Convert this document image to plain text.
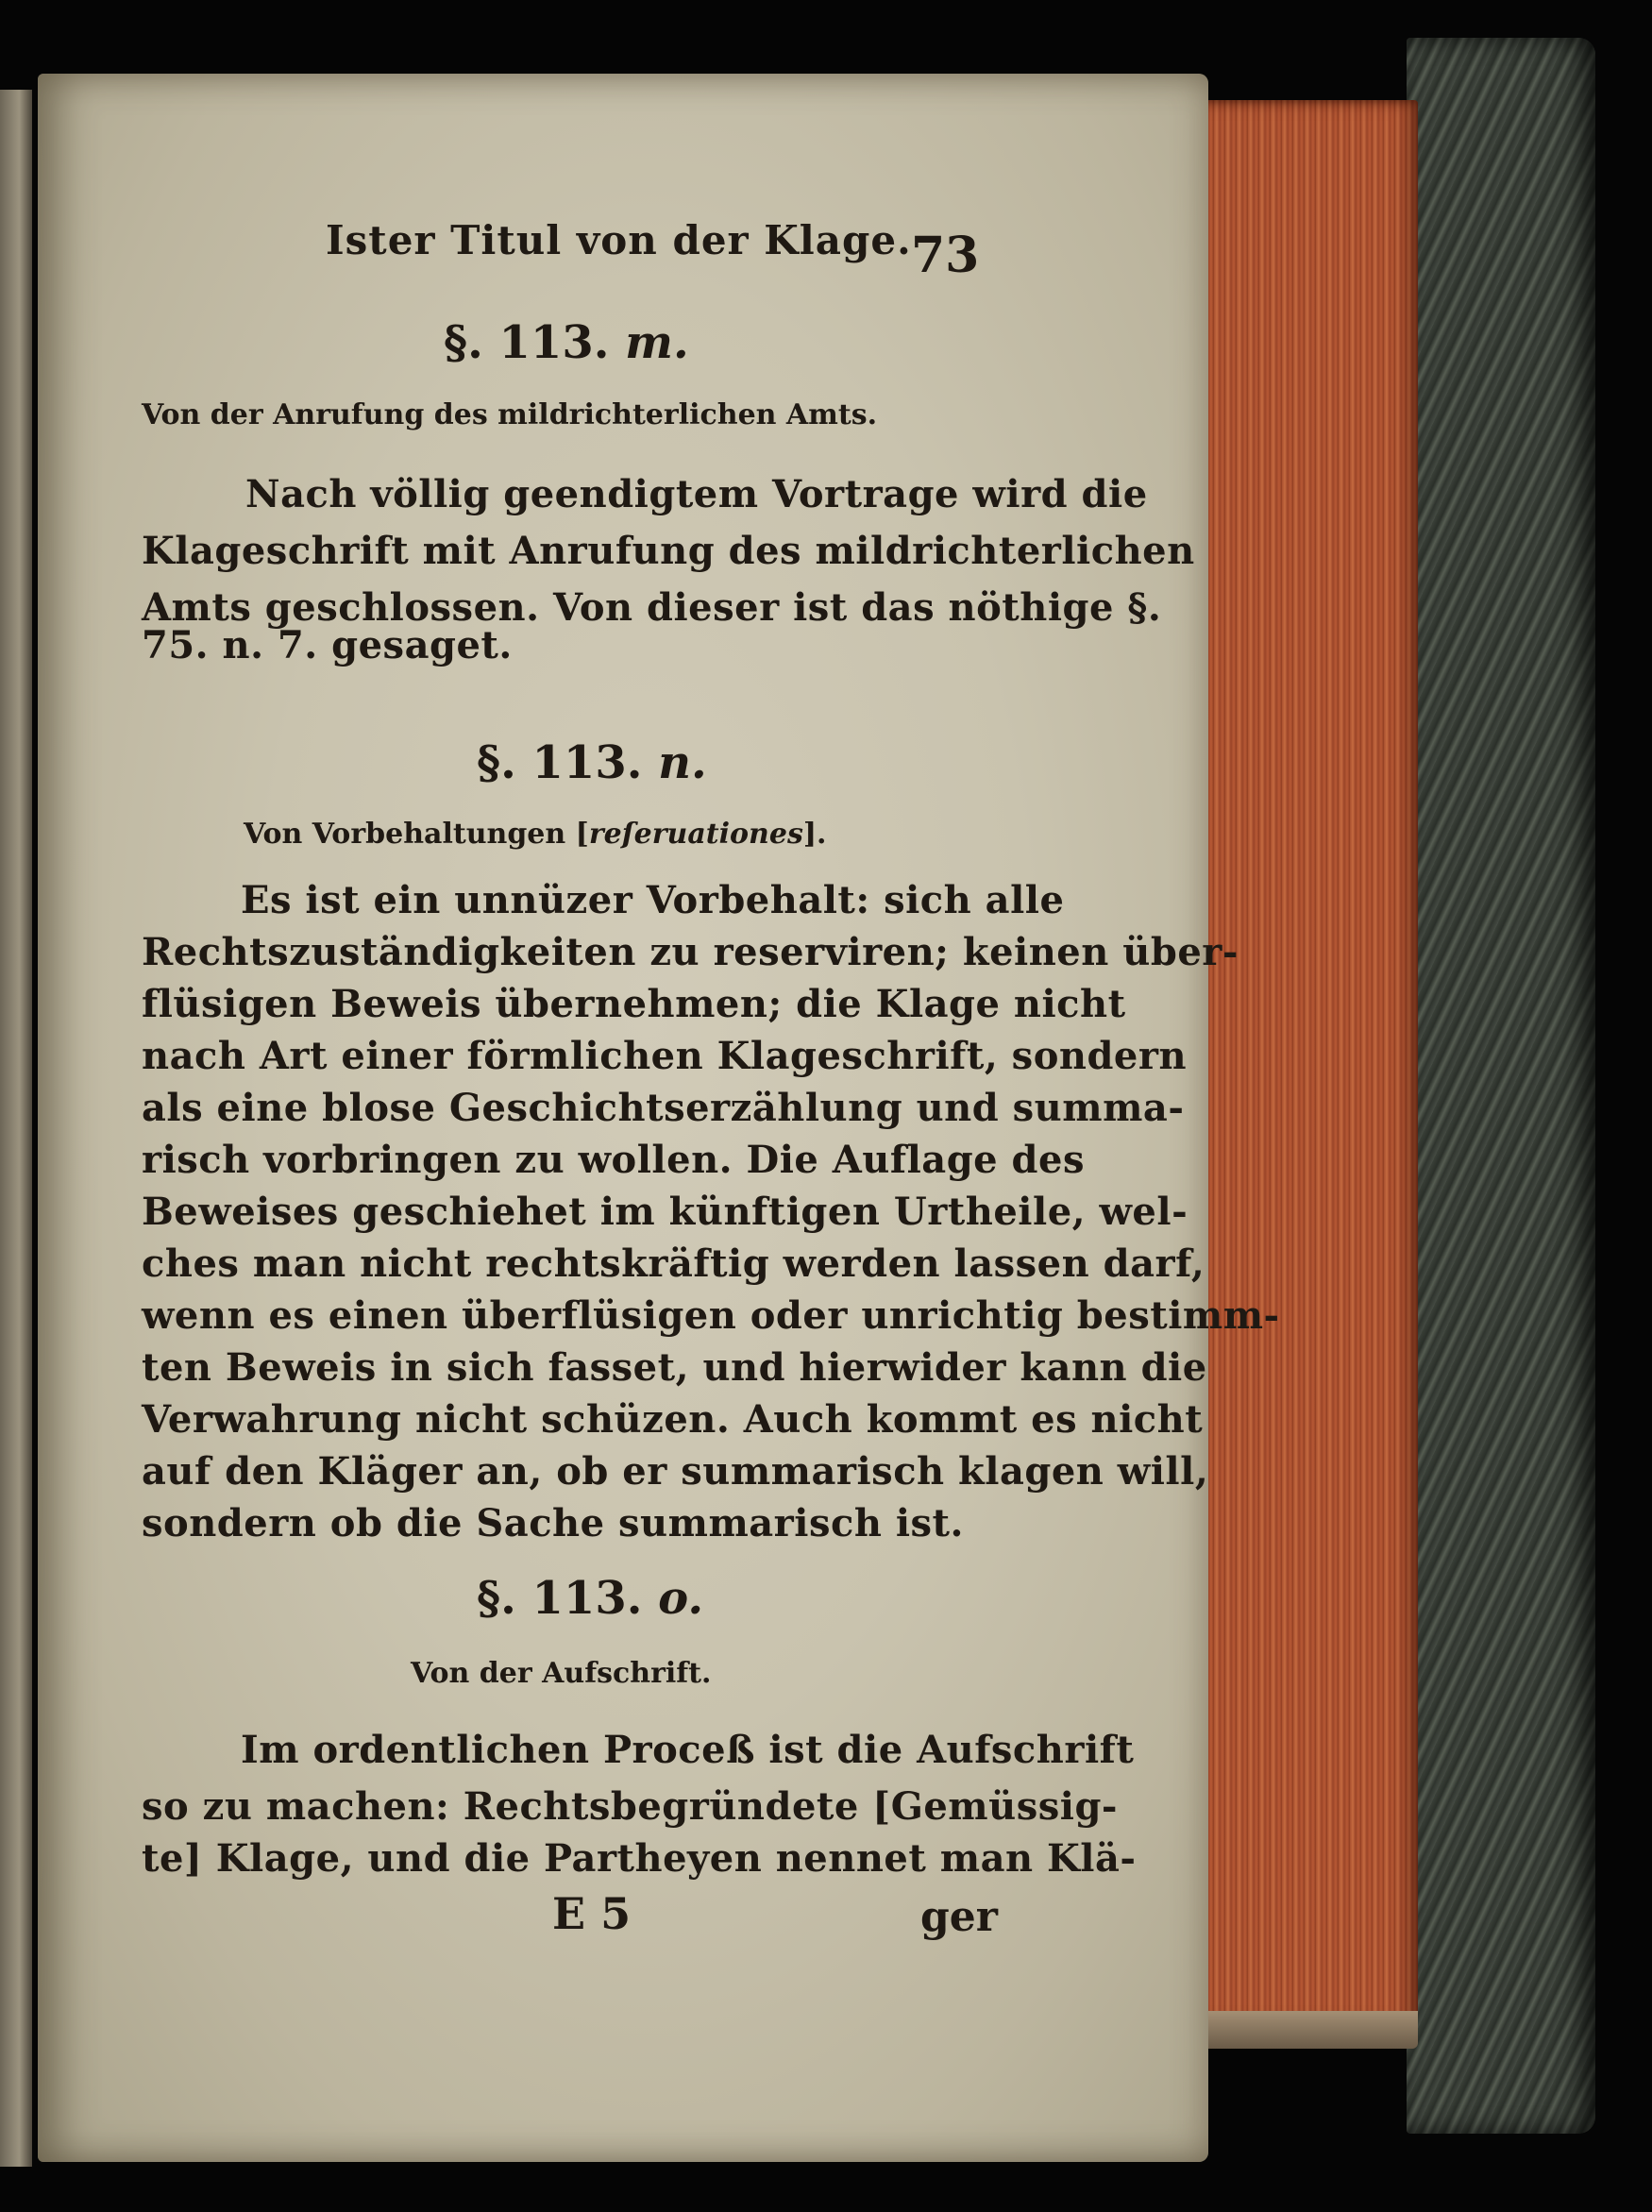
Ister Titul von der Klage. 73
§. 113. m.
Von der Anrufung des mildrichterlichen Amts.
Nach völlig geendigtem Vortrage wird die
Klageschrift mit Anrufung des mildrichterlichen
Amts geschlossen. Von dieser ist das nöthige §.
75. n. 7. gesaget.
§. 113. n.
Von Vorbehaltungen [reſeruationes].
Es ist ein unnüzer Vorbehalt: sich alle
Rechtszuständigkeiten zu reserviren; keinen über-
flüsigen Beweis übernehmen; die Klage nicht
nach Art einer förmlichen Klageschrift, sondern
als eine blose Geschichtserzählung und summa-
risch vorbringen zu wollen. Die Auflage des
Beweises geschiehet im künftigen Urtheile, wel-
ches man nicht rechtskräftig werden lassen darf,
wenn es einen überflüsigen oder unrichtig bestimm-
ten Beweis in sich fasset, und hierwider kann die
Verwahrung nicht schüzen. Auch kommt es nicht
auf den Kläger an, ob er summarisch klagen will,
sondern ob die Sache summarisch ist.
§. 113. o.
Von der Aufschrift.
Im ordentlichen Proceß ist die Aufschrift
so zu machen: Rechtsbegründete [Gemüssig-
te] Klage, und die Partheyen nennet man Klä-
E 5	ger
